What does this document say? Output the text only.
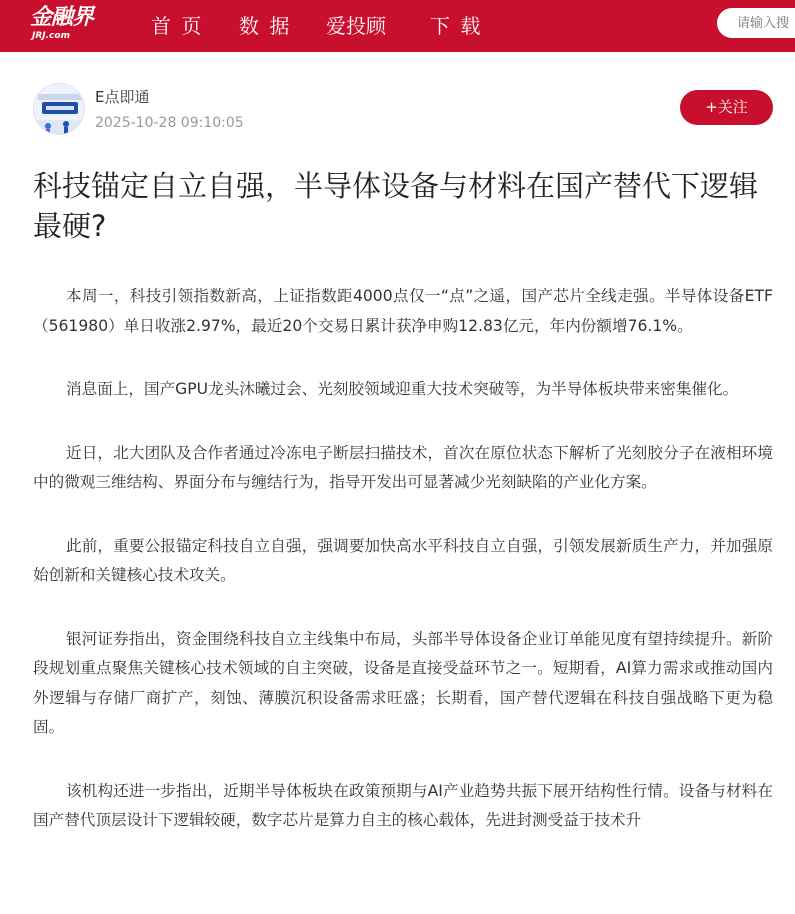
金融界
JRJ.com	首 页 数 据 爱投顾 下 载
请输入搜
E点即通
2025-10-28 09:10:05
+关注
科技锚定自立自强，半导体设备与材料在国产替代下逻辑最硬?

本周一，科技引领指数新高，上证指数距4000点仅一“点”之遥，国产芯片全线走强。半导体设备ETF（561980）单日收涨2.97%，最近20个交易日累计获净申购12.83亿元，年内份额增76.1%。

消息面上，国产GPU龙头沐曦过会、光刻胶领域迎重大技术突破等，为半导体板块带来密集催化。

近日，北大团队及合作者通过冷冻电子断层扫描技术，首次在原位状态下解析了光刻胶分子在液相环境中的微观三维结构、界面分布与缠结行为，指导开发出可显著减少光刻缺陷的产业化方案。

此前，重要公报锚定科技自立自强，强调要加快高水平科技自立自强，引领发展新质生产力，并加强原始创新和关键核心技术攻关。

银河证券指出，资金围绕科技自立主线集中布局，头部半导体设备企业订单能见度有望持续提升。新阶段规划重点聚焦关键核心技术领域的自主突破，设备是直接受益环节之一。短期看，AI算力需求或推动国内外逻辑与存储厂商扩产，刻蚀、薄膜沉积设备需求旺盛；长期看，国产替代逻辑在科技自强战略下更为稳固。

该机构还进一步指出，近期半导体板块在政策预期与AI产业趋势共振下展开结构性行情。设备与材料在国产替代顶层设计下逻辑较硬，数字芯片是算力自主的核心载体，先进封测受益于技术升
